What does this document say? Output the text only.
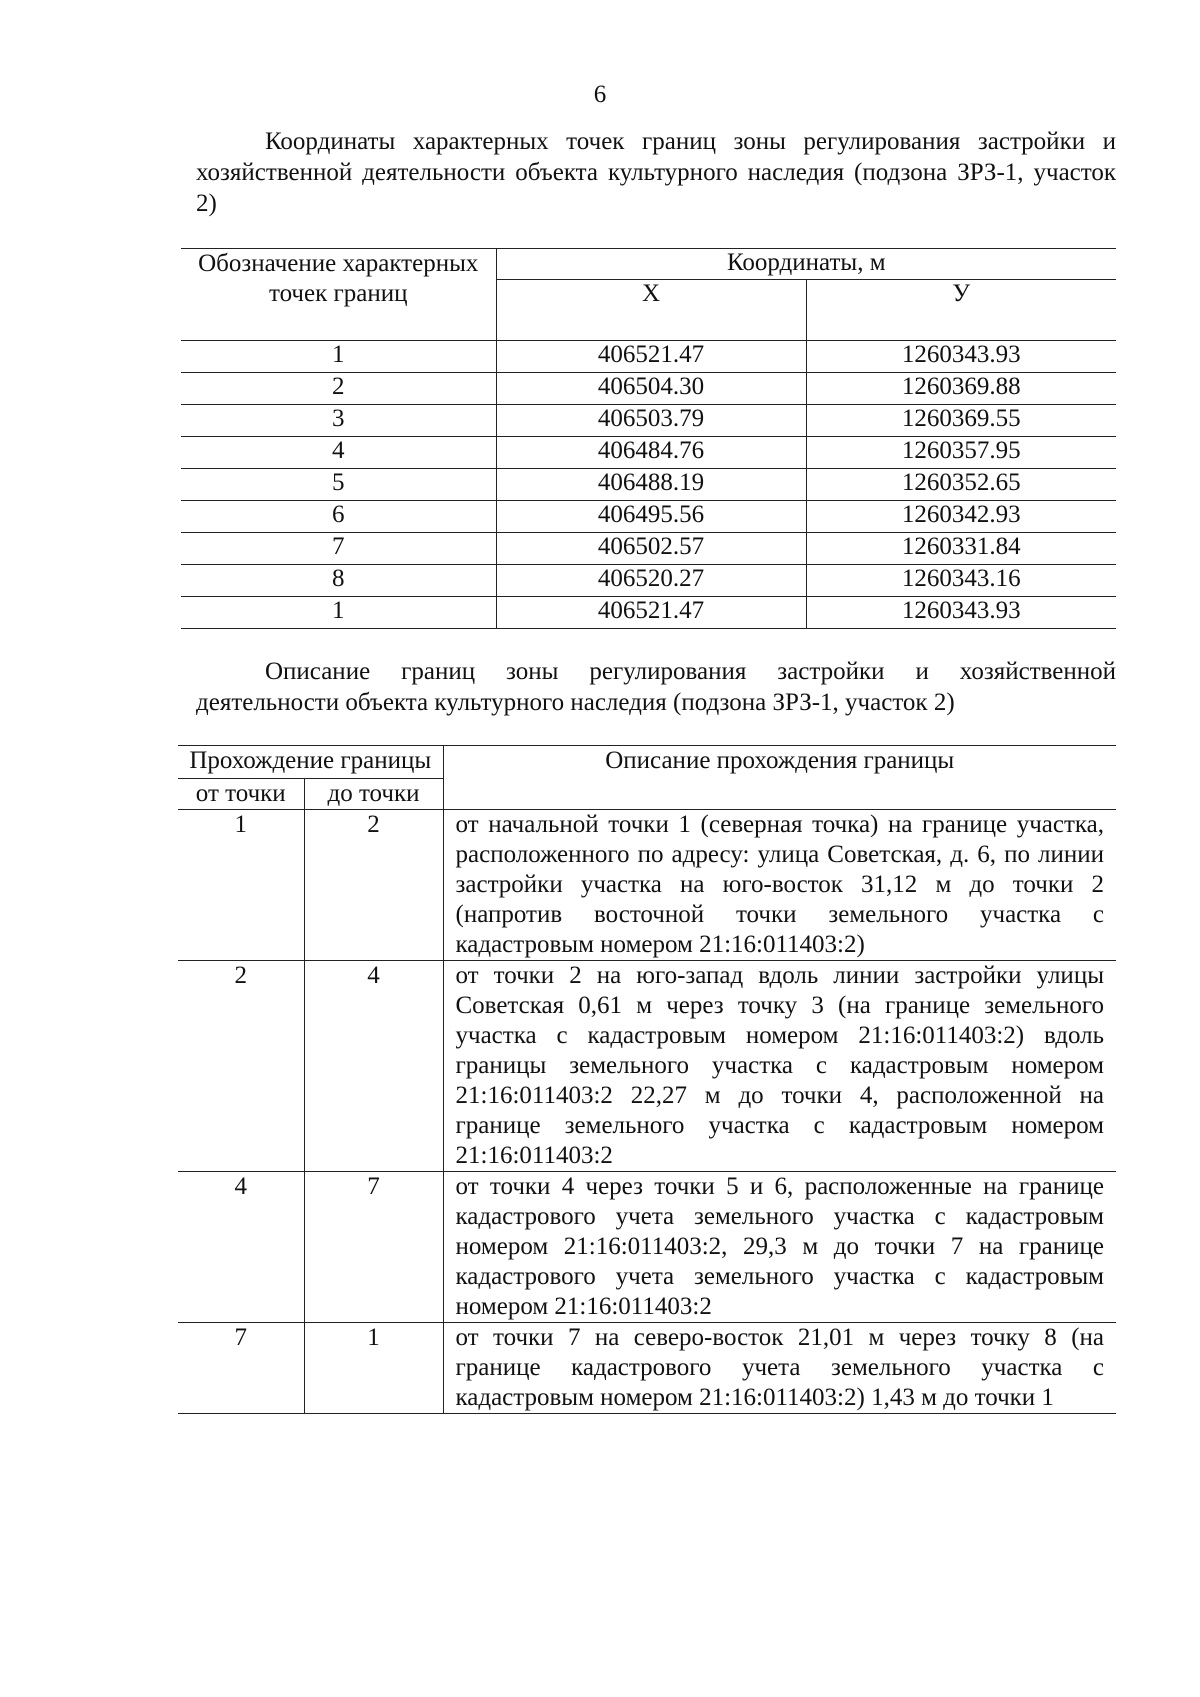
6

Координаты характерных точек границ зоны регулирования застройки и хозяйственной деятельности объекта культурного наследия (подзона ЗРЗ-1, участок 2)

Обозначение характерных точек границ	Координаты, м	
	X	У
1	406521.47	1260343.93
2	406504.30	1260369.88
3	406503.79	1260369.55
4	406484.76	1260357.95
5	406488.19	1260352.65
6	406495.56	1260342.93
7	406502.57	1260331.84
8	406520.27	1260343.16
1	406521.47	1260343.93

Описание границ зоны регулирования застройки и хозяйственной деятельности объекта культурного наследия (подзона ЗРЗ-1, участок 2)

Прохождение границы		Описание прохождения границы
от точки	до точки	
1	2	от начальной точки 1 (северная точка) на границе участка, расположенного по адресу: улица Советская, д. 6, по линии застройки участка на юго-восток 31,12 м до точки 2 (напротив восточной точки земельного участка с кадастровым номером 21:16:011403:2)
2	4	от точки 2 на юго-запад вдоль линии застройки улицы Советская 0,61 м через точку 3 (на границе земельного участка с кадастровым номером 21:16:011403:2) вдоль границы земельного участка с кадастровым номером 21:16:011403:2 22,27 м до точки 4, расположенной на границе земельного участка с кадастровым номером 21:16:011403:2
4	7	от точки 4 через точки 5 и 6, расположенные на границе кадастрового учета земельного участка с кадастровым номером 21:16:011403:2, 29,3 м до точки 7 на границе кадастрового учета земельного участка с кадастровым номером 21:16:011403:2
7	1	от точки 7 на северо-восток 21,01 м через точку 8 (на границе кадастрового учета земельного участка с кадастровым номером 21:16:011403:2) 1,43 м до точки 1
